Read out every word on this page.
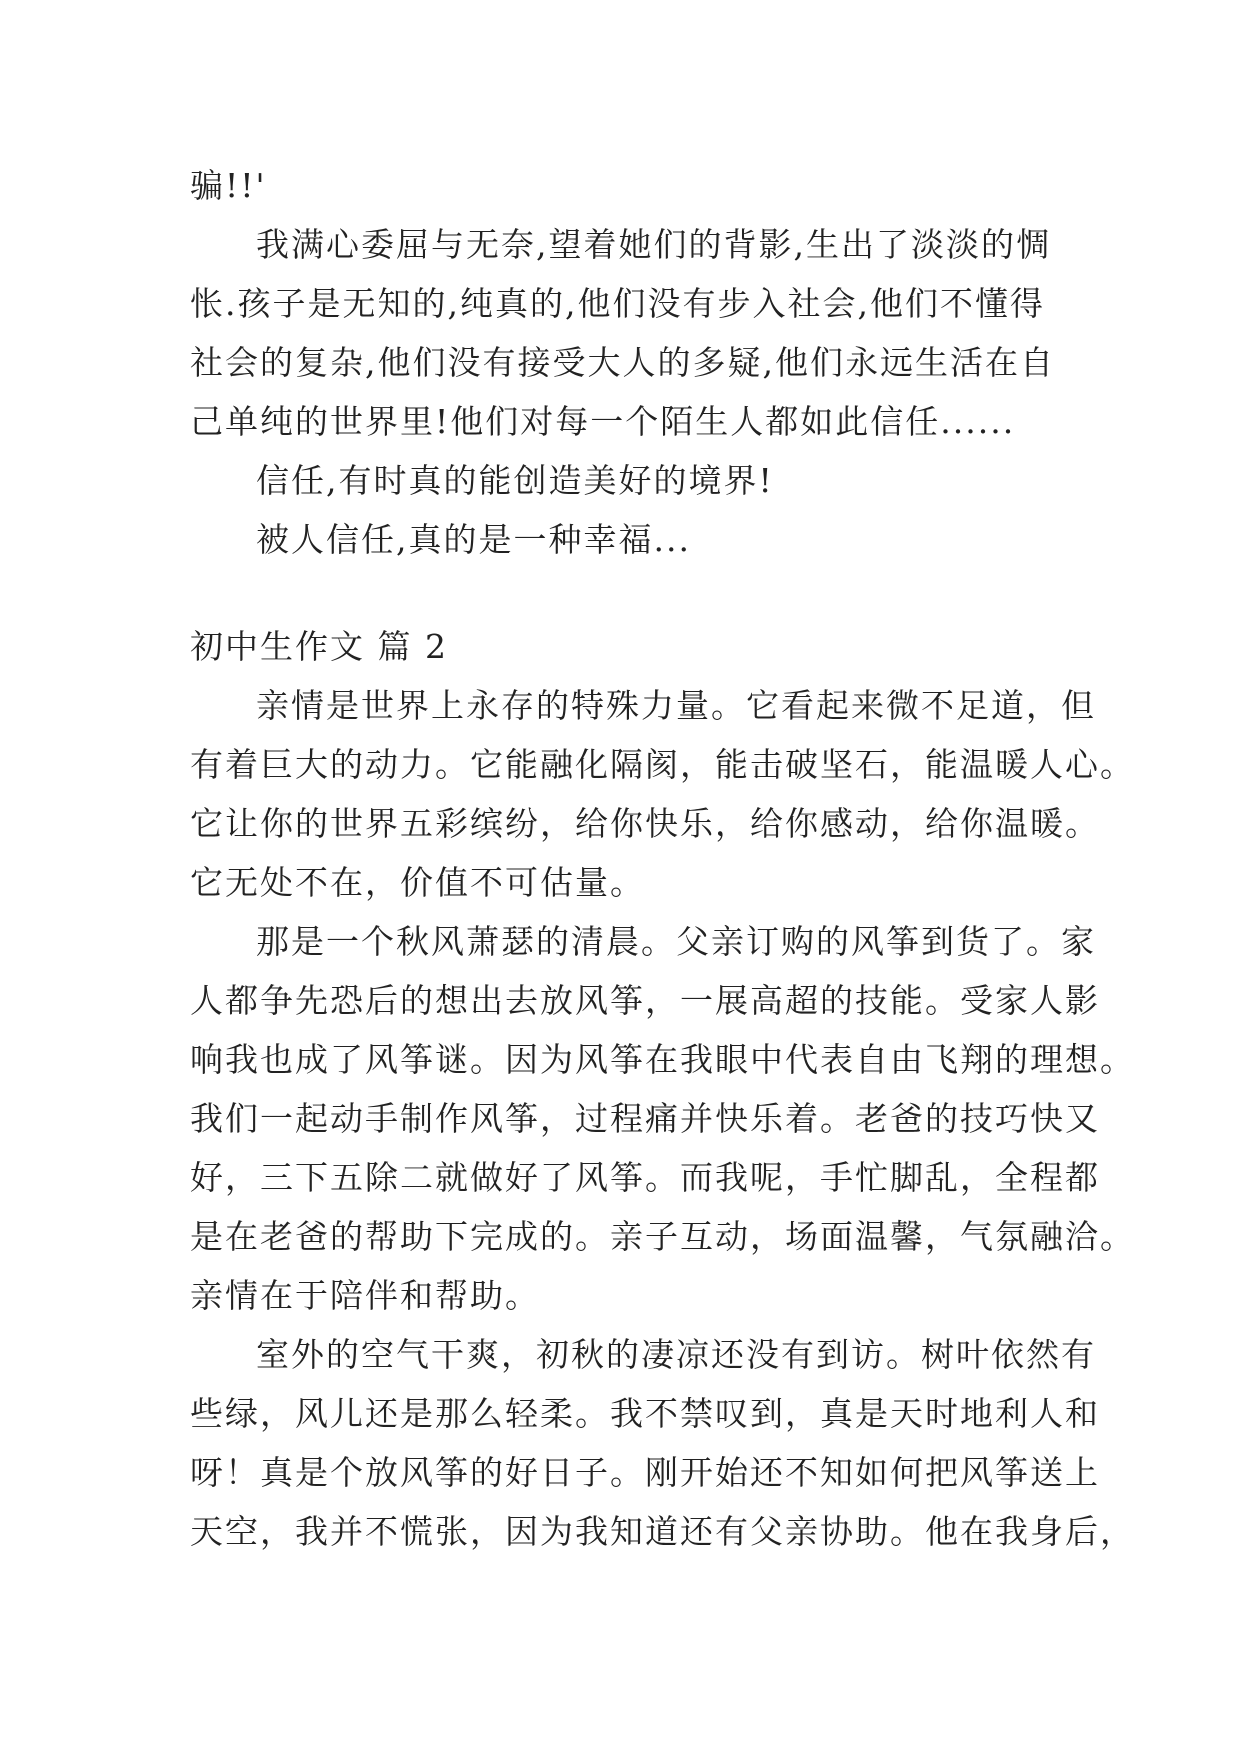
骗!!'
我满心委屈与无奈,望着她们的背影,生出了淡淡的惆
怅.孩子是无知的,纯真的,他们没有步入社会,他们不懂得
社会的复杂,他们没有接受大人的多疑,他们永远生活在自
己单纯的世界里!他们对每一个陌生人都如此信任......
信任,有时真的能创造美好的境界!
被人信任,真的是一种幸福...
初中生作文 篇 2
亲情是世界上永存的特殊力量。它看起来微不足道，但
有着巨大的动力。它能融化隔阂，能击破坚石，能温暖人心。
它让你的世界五彩缤纷，给你快乐，给你感动，给你温暖。
它无处不在，价值不可估量。
那是一个秋风萧瑟的清晨。父亲订购的风筝到货了。家
人都争先恐后的想出去放风筝，一展高超的技能。受家人影
响我也成了风筝谜。因为风筝在我眼中代表自由飞翔的理想。
我们一起动手制作风筝，过程痛并快乐着。老爸的技巧快又
好，三下五除二就做好了风筝。而我呢，手忙脚乱，全程都
是在老爸的帮助下完成的。亲子互动，场面温馨，气氛融洽。
亲情在于陪伴和帮助。
室外的空气干爽，初秋的凄凉还没有到访。树叶依然有
些绿，风儿还是那么轻柔。我不禁叹到，真是天时地利人和
呀！真是个放风筝的好日子。刚开始还不知如何把风筝送上
天空，我并不慌张，因为我知道还有父亲协助。他在我身后，
